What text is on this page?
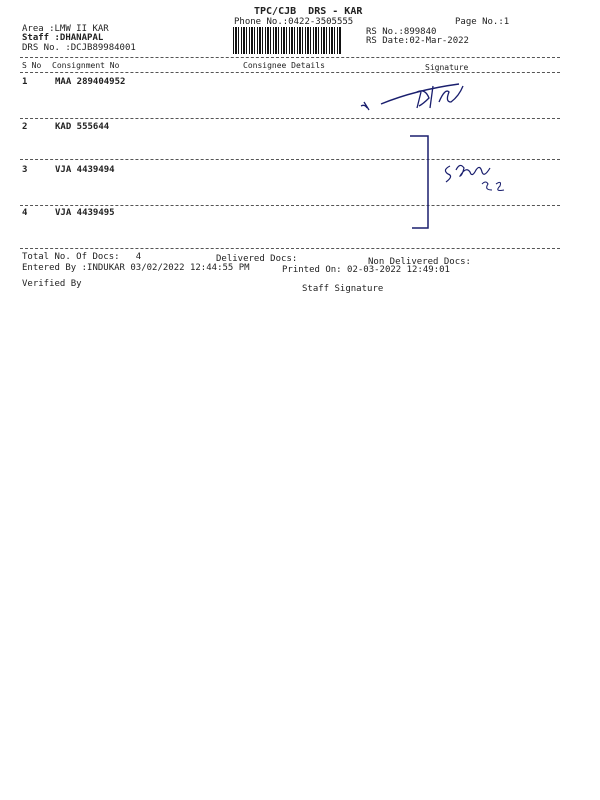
TPC/CJB  DRS - KAR
Phone No.:0422-3505555	Page No.:1
Area :LMW II KAR
Staff :DHANAPAL
DRS No. :DCJB89984001
RS No.:899840
RS Date:02-Mar-2022
S No Consignment No	Consignee Details	Signature
1	MAA 289404952
2	KAD 555644
3	VJA 4439494
4	VJA 4439495
Total No. Of Docs:   4	Delivered Docs:	Non Delivered Docs:
Entered By :INDUKAR 03/02/2022 12:44:55 PM	Printed On: 02-03-2022 12:49:01
Verified By	Staff Signature
